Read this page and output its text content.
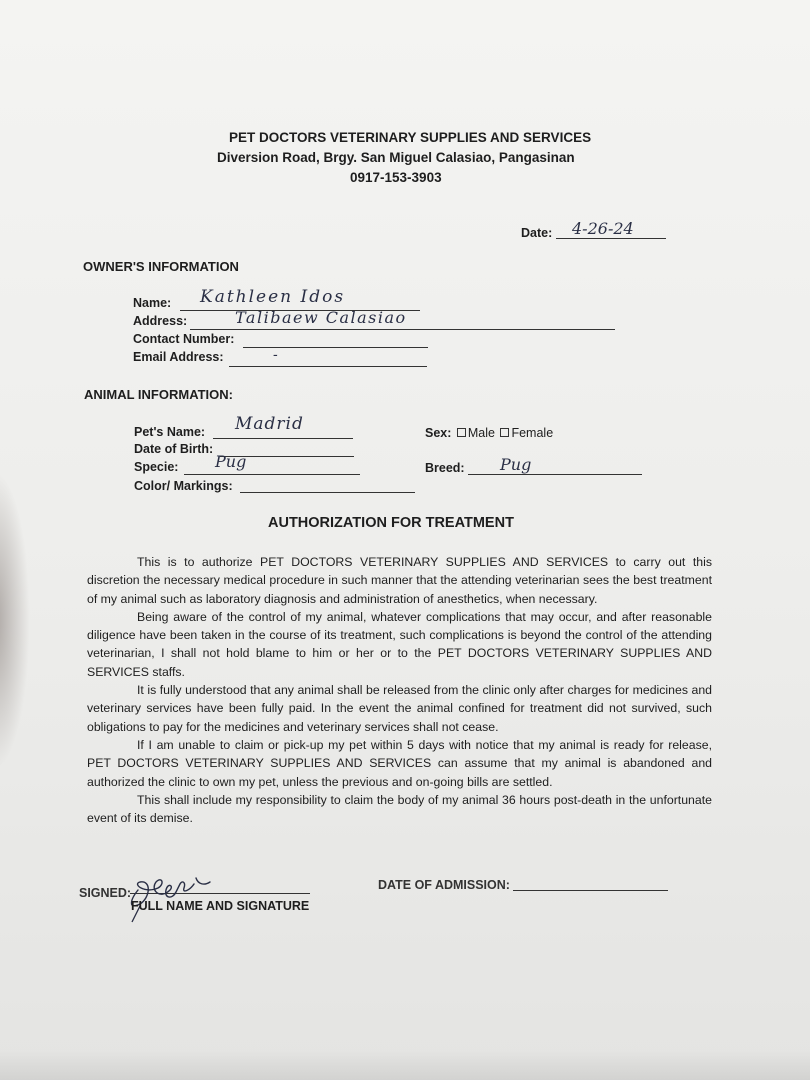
PET DOCTORS VETERINARY SUPPLIES AND SERVICES
Diversion Road, Brgy. San Miguel Calasiao, Pangasinan
0917-153-3903
Date: 4-26-24
OWNER'S INFORMATION
Name: Kathleen Idos
Address:	Talibaew Calasiao
Contact Number:
Email Address:	-
ANIMAL INFORMATION:
Pet's Name: Madrid
Date of Birth:
Specie: Pug
Color/ Markings:
Sex: Male Female
Breed: Pug
AUTHORIZATION FOR TREATMENT

This is to authorize PET DOCTORS VETERINARY SUPPLIES AND SERVICES to carry out this discretion the necessary medical procedure in such manner that the attending veterinarian sees the best treatment of my animal such as laboratory diagnosis and administration of anesthetics, when necessary.

Being aware of the control of my animal, whatever complications that may occur, and after reasonable diligence have been taken in the course of its treatment, such complications is beyond the control of the attending veterinarian, I shall not hold blame to him or her or to the PET DOCTORS VETERINARY SUPPLIES AND SERVICES staffs.

It is fully understood that any animal shall be released from the clinic only after charges for medicines and veterinary services have been fully paid. In the event the animal confined for treatment did not survived, such obligations to pay for the medicines and veterinary services shall not cease.

If I am unable to claim or pick-up my pet within 5 days with notice that my animal is ready for release, PET DOCTORS VETERINARY SUPPLIES AND SERVICES can assume that my animal is abandoned and authorized the clinic to own my pet, unless the previous and on-going bills are settled.

This shall include my responsibility to claim the body of my animal 36 hours post-death in the unfortunate event of its demise.

SIGNED:
FULL NAME AND SIGNATURE
DATE OF ADMISSION:
